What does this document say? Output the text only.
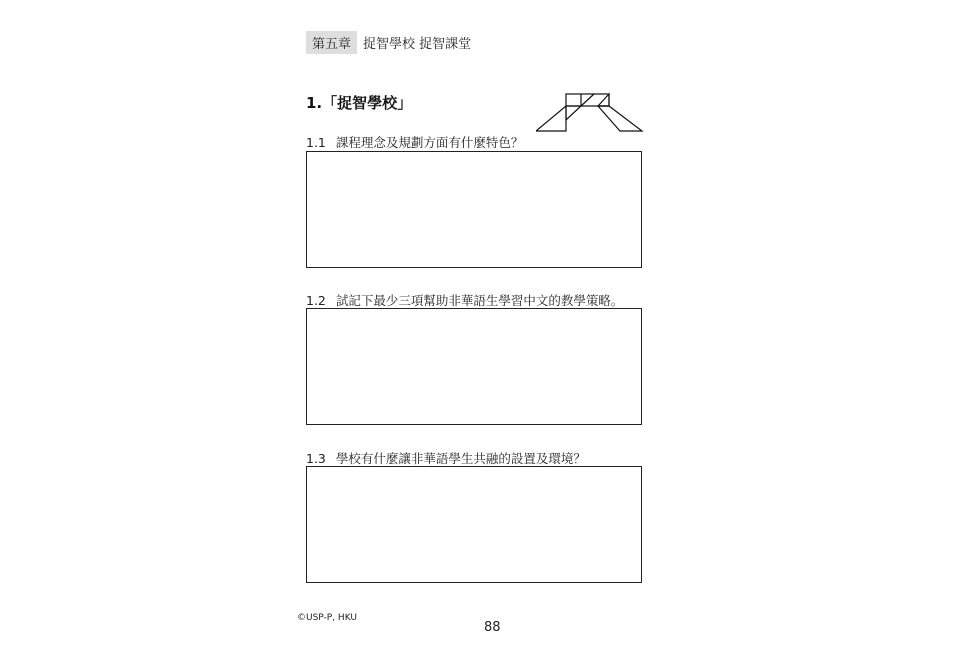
第五章 捉智學校 捉智課堂
1.「捉智學校」
1.1 課程理念及規劃方面有什麼特色？
1.2 試記下最少三項幫助非華語生學習中文的教學策略。
1.3 學校有什麼讓非華語學生共融的設置及環境？
©USP-P, HKU
88
